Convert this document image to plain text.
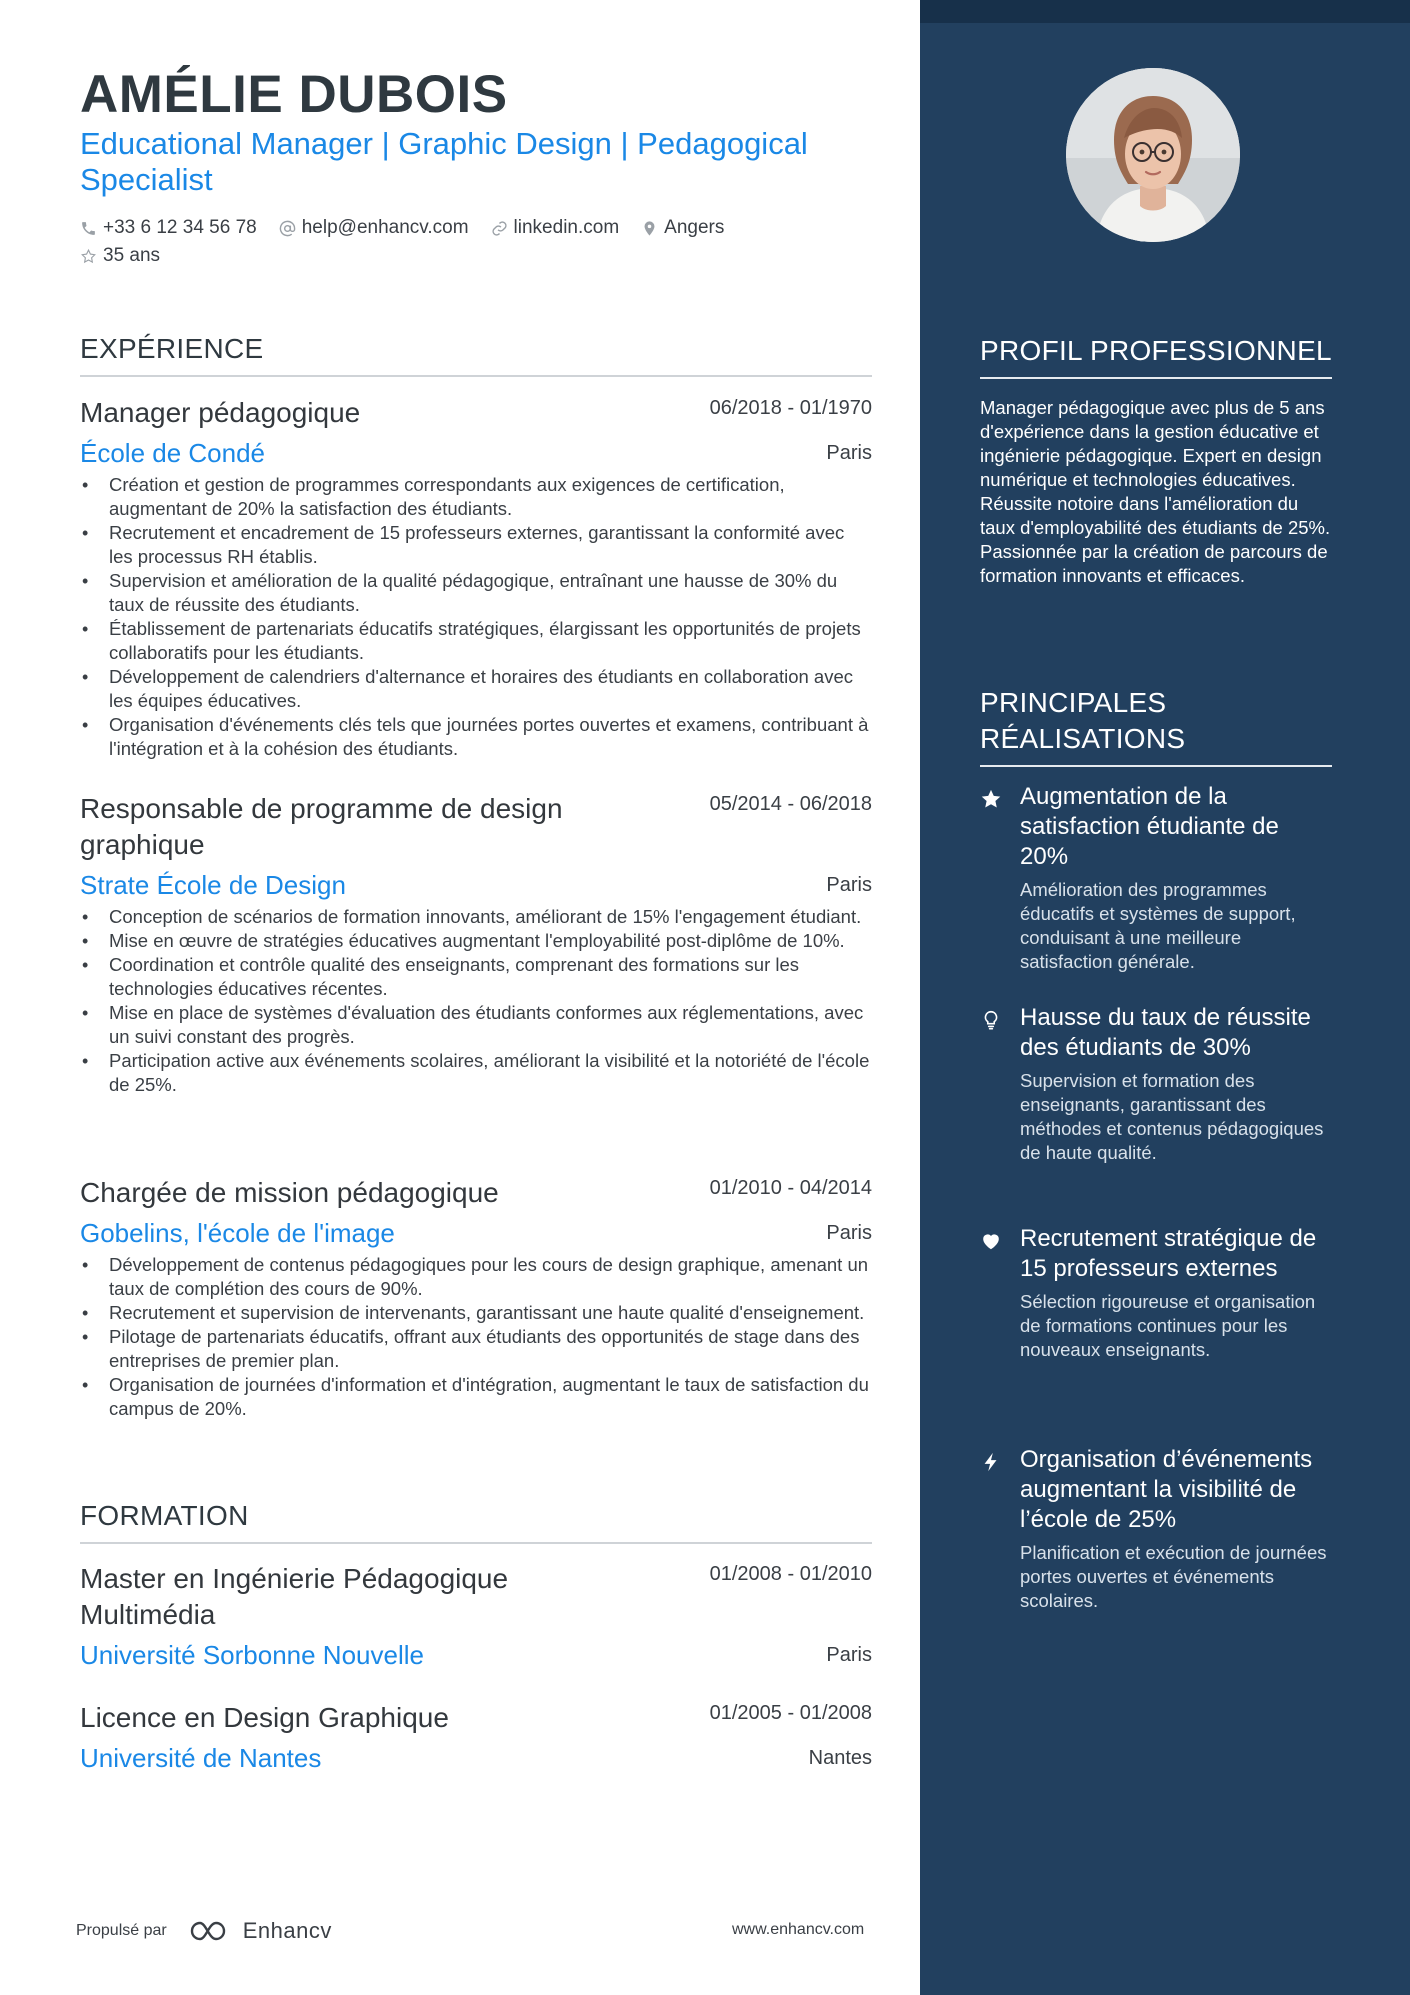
AMÉLIE DUBOIS
Educational Manager | Graphic Design | Pedagogical Specialist
+33 6 12 34 56 78 help@enhancv.com linkedin.com Angers
35 ans
EXPÉRIENCE
Manager pédagogique	06/2018 - 01/1970
École de Condé	Paris
• Création et gestion de programmes correspondants aux exigences de certification, augmentant de 20% la satisfaction des étudiants.
• Recrutement et encadrement de 15 professeurs externes, garantissant la conformité avec les processus RH établis.
• Supervision et amélioration de la qualité pédagogique, entraînant une hausse de 30% du taux de réussite des étudiants.
• Établissement de partenariats éducatifs stratégiques, élargissant les opportunités de projets collaboratifs pour les étudiants.
• Développement de calendriers d'alternance et horaires des étudiants en collaboration avec les équipes éducatives.
• Organisation d'événements clés tels que journées portes ouvertes et examens, contribuant à l'intégration et à la cohésion des étudiants.
Responsable de programme de design graphique
05/2014 - 06/2018
Strate École de Design	Paris
• Conception de scénarios de formation innovants, améliorant de 15% l'engagement étudiant.
• Mise en œuvre de stratégies éducatives augmentant l'employabilité post-diplôme de 10%.
• Coordination et contrôle qualité des enseignants, comprenant des formations sur les technologies éducatives récentes.
• Mise en place de systèmes d'évaluation des étudiants conformes aux réglementations, avec un suivi constant des progrès.
• Participation active aux événements scolaires, améliorant la visibilité et la notoriété de l'école de 25%.
Chargée de mission pédagogique	01/2010 - 04/2014
Gobelins, l'école de l'image	Paris
• Développement de contenus pédagogiques pour les cours de design graphique, amenant un taux de complétion des cours de 90%.
• Recrutement et supervision de intervenants, garantissant une haute qualité d'enseignement.
• Pilotage de partenariats éducatifs, offrant aux étudiants des opportunités de stage dans des entreprises de premier plan.
• Organisation de journées d'information et d'intégration, augmentant le taux de satisfaction du campus de 20%.
FORMATION
Master en Ingénierie Pédagogique Multimédia
01/2008 - 01/2010
Université Sorbonne Nouvelle	Paris
Licence en Design Graphique	01/2005 - 01/2008
Université de Nantes	Nantes
Propulsé par	Enhancv	www.enhancv.com
PROFIL PROFESSIONNEL
Manager pédagogique avec plus de 5 ans d'expérience dans la gestion éducative et ingénierie pédagogique. Expert en design numérique et technologies éducatives. Réussite notoire dans l'amélioration du taux d'employabilité des étudiants de 25%. Passionnée par la création de parcours de formation innovants et efficaces.
PRINCIPALES RÉALISATIONS
Augmentation de la satisfaction étudiante de 20%
Amélioration des programmes éducatifs et systèmes de support, conduisant à une meilleure satisfaction générale.
Hausse du taux de réussite des étudiants de 30%
Supervision et formation des enseignants, garantissant des méthodes et contenus pédagogiques de haute qualité.
Recrutement stratégique de 15 professeurs externes
Sélection rigoureuse et organisation de formations continues pour les nouveaux enseignants.
Organisation d’événements augmentant la visibilité de l’école de 25%
Planification et exécution de journées portes ouvertes et événements scolaires.
